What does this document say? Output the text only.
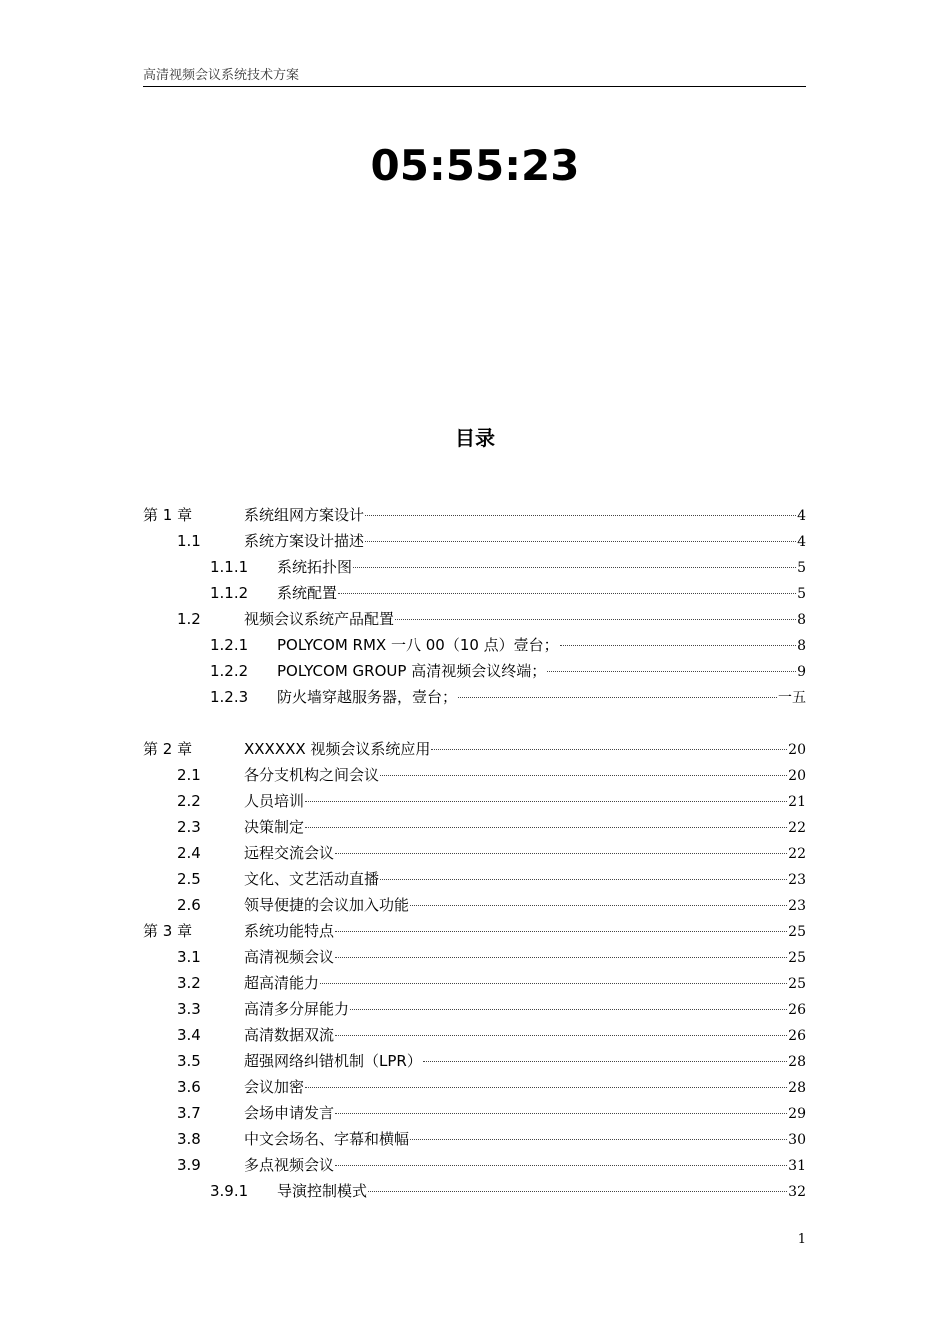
高清视频会议系统技术方案
05:55:23
目录
第 1 章	系统组网方案设计	4
1.1	系统方案设计描述	4
1.1.1	系统拓扑图	5
1.1.2	系统配置	5
1.2	视频会议系统产品配置	8
1.2.1	POLYCOM RMX 一八 00（10 点）壹台；	8
1.2.2	POLYCOM GROUP 高清视频会议终端；	9
1.2.3	防火墙穿越服务器，壹台；	一五
第 2 章	XXXXXX 视频会议系统应用	20
2.1	各分支机构之间会议	20
2.2	人员培训	21
2.3	决策制定	22
2.4	远程交流会议	22
2.5	文化、文艺活动直播	23
2.6	领导便捷的会议加入功能	23
第 3 章	系统功能特点	25
3.1	高清视频会议	25
3.2	超高清能力	25
3.3	高清多分屏能力	26
3.4	高清数据双流	26
3.5	超强网络纠错机制（LPR）	28
3.6	会议加密	28
3.7	会场申请发言	29
3.8	中文会场名、字幕和横幅	30
3.9	多点视频会议	31
3.9.1	导演控制模式	32
1
